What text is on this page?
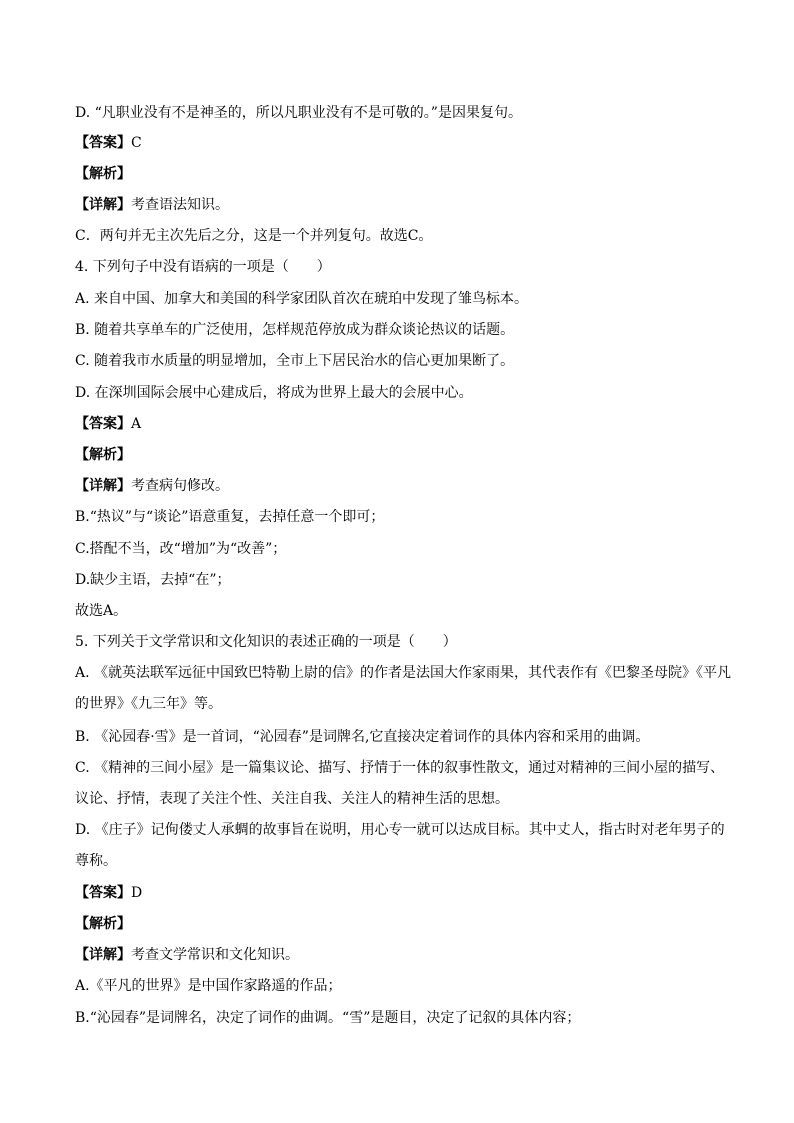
D. “凡职业没有不是神圣的，所以凡职业没有不是可敬的。”是因果复句。
【答案】C
【解析】
【详解】考查语法知识。
C．两句并无主次先后之分，这是一个并列复句。故选C。
4. 下列句子中没有语病的一项是（　　）
A. 来自中国、加拿大和美国的科学家团队首次在琥珀中发现了雏鸟标本。
B. 随着共享单车的广泛使用，怎样规范停放成为群众谈论热议的话题。
C. 随着我市水质量的明显增加，全市上下居民治水的信心更加果断了。
D. 在深圳国际会展中心建成后，将成为世界上最大的会展中心。
【答案】A
【解析】
【详解】考查病句修改。
B.“热议”与“谈论”语意重复，去掉任意一个即可；
C.搭配不当，改“增加”为“改善”；
D.缺少主语，去掉“在”；
故选A。
5. 下列关于文学常识和文化知识的表述正确的一项是（　　）
A. 《就英法联军远征中国致巴特勒上尉的信》的作者是法国大作家雨果，其代表作有《巴黎圣母院》《平凡
的世界》《九三年》等。
B. 《沁园春·雪》是一首词，“沁园春”是词牌名,它直接决定着词作的具体内容和采用的曲调。
C. 《精神的三间小屋》是一篇集议论、描写、抒情于一体的叙事性散文，通过对精神的三间小屋的描写、
议论、抒情，表现了关注个性、关注自我、关注人的精神生活的思想。
D. 《庄子》记佝偻丈人承蜩的故事旨在说明，用心专一就可以达成目标。其中丈人，指古时对老年男子的
尊称。
【答案】D
【解析】
【详解】考查文学常识和文化知识。
A.《平凡的世界》是中国作家路遥的作品；
B.“沁园春”是词牌名，决定了词作的曲调。“雪”是题目，决定了记叙的具体内容；
